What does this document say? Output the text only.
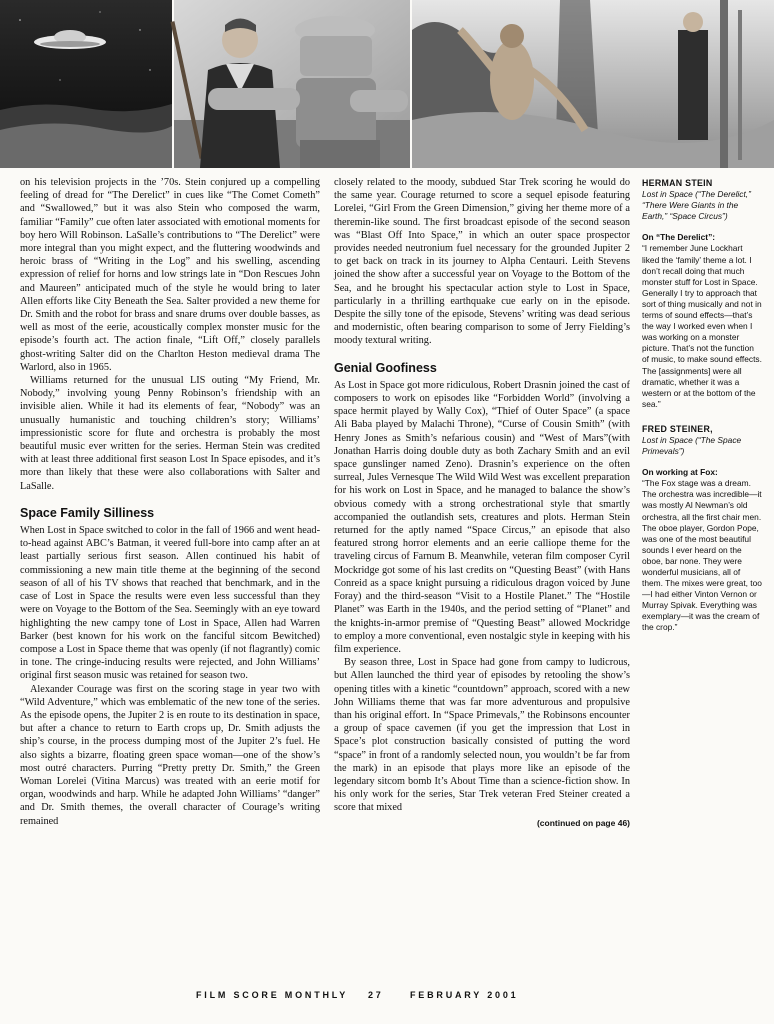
on his television projects in the ’70s. Stein conjured up a compelling feeling of dread for “The Derelict” in cues like “The Comet Cometh” and “Swallowed,” but it was also Stein who composed the warm, familiar “Family” cue often later associated with emotional moments for boy hero Will Robinson. LaSalle’s contributions to “The Derelict” were more integral than you might expect, and the fluttering woodwinds and heroic brass of “Writing in the Log” and his swelling, ascending expression of relief for horns and low strings late in “Don Rescues John and Maureen” anticipated much of the style he would bring to later Allen efforts like City Beneath the Sea. Salter provided a new theme for Dr. Smith and the robot for brass and snare drums over double basses, as well as most of the eerie, acoustically complex monster music for the episode’s fourth act. The action finale, “Lift Off,” closely parallels ghost-writing Salter did on the Charlton Heston medieval drama The Warlord, also in 1965.

Williams returned for the unusual LIS outing “My Friend, Mr. Nobody,” involving young Penny Robinson’s friendship with an invisible alien. While it had its elements of fear, “Nobody” was an unusually humanistic and touching children’s story; Williams’ impressionistic score for flute and orchestra is probably the most beautiful music ever written for the series. Herman Stein was credited with at least three additional first season Lost In Space episodes, and it’s more than likely that these were also collaborations with Salter and LaSalle.

Space Family Silliness

When Lost in Space switched to color in the fall of 1966 and went head-to-head against ABC’s Batman, it veered full-bore into camp after an at least partially serious first season. Allen continued his habit of commissioning a new main title theme at the beginning of the second season of all of his TV shows that reached that benchmark, and in the case of Lost in Space the results were even less successful than they were on Voyage to the Bottom of the Sea. Seemingly with an eye toward highlighting the new campy tone of Lost in Space, Allen had Warren Barker (best known for his work on the fanciful sitcom Bewitched) compose a Lost in Space theme that was openly (if not flagrantly) comic in tone. The cringe-inducing results were rejected, and John Williams’ original first season music was retained for season two.

Alexander Courage was first on the scoring stage in year two with “Wild Adventure,” which was emblematic of the new tone of the series. As the episode opens, the Jupiter 2 is en route to its destination in space, but after a chance to return to Earth crops up, Dr. Smith adjusts the ship’s course, in the process dumping most of the Jupiter 2’s fuel. He also sights a bizarre, floating green space woman—one of the show’s most outré characters. Purring “Pretty pretty Dr. Smith,” the Green Woman Lorelei (Vitina Marcus) was treated with an eerie motif for organ, woodwinds and harp. While he adapted John Williams’ “danger” and Dr. Smith themes, the overall character of Courage’s writing remained

closely related to the moody, subdued Star Trek scoring he would do the same year. Courage returned to score a sequel episode featuring Lorelei, “Girl From the Green Dimension,” giving her theme more of a theremin-like sound. The first broadcast episode of the second season was “Blast Off Into Space,” in which an outer space prospector provides needed neutronium fuel necessary for the grounded Jupiter 2 to get back on track in its journey to Alpha Centauri. Leith Stevens joined the show after a successful year on Voyage to the Bottom of the Sea, and he brought his spectacular action style to Lost in Space, particularly in a thrilling earthquake cue early on in the episode. Despite the silly tone of the episode, Stevens’ writing was dead serious and modernistic, often bearing comparison to some of Jerry Fielding’s moody textural writing.

Genial Goofiness

As Lost in Space got more ridiculous, Robert Drasnin joined the cast of composers to work on episodes like “Forbidden World” (involving a space hermit played by Wally Cox), “Thief of Outer Space” (a space Ali Baba played by Malachi Throne), “Curse of Cousin Smith” (with Henry Jones as Smith’s nefarious cousin) and “West of Mars”(with Jonathan Harris doing double duty as both Zachary Smith and an evil space gunslinger named Zeno). Drasnin’s experience on the often surreal, Jules Vernesque The Wild Wild West was excellent preparation for his work on Lost in Space, and he managed to balance the show’s obvious comedy with a strong orchestrational style that smartly accompanied the outlandish sets, creatures and plots. Herman Stein returned for the aptly named “Space Circus,” an episode that also featured strong horror elements and an eerie calliope theme for the traveling circus of Farnum B. Meanwhile, veteran film composer Cyril Mockridge got some of his last credits on “Questing Beast” (with Hans Conreid as a space knight pursuing a ridiculous dragon voiced by June Foray) and the third-season “Visit to a Hostile Planet.” The “Hostile Planet” was Earth in the 1940s, and the period setting of “Planet” and the knights-in-armor premise of “Questing Beast” allowed Mockridge to employ a more conventional, even nostalgic style in keeping with his film experience.

By season three, Lost in Space had gone from campy to ludicrous, but Allen launched the third year of episodes by retooling the show’s opening titles with a kinetic “countdown” approach, scored with a new John Williams theme that was far more adventurous and propulsive than his original effort. In “Space Primevals,” the Robinsons encounter a group of space cavemen (if you get the impression that Lost in Space’s plot construction basically consisted of putting the word “space” in front of a randomly selected noun, you wouldn’t be far from the mark) in an episode that plays more like an episode of the legendary sitcom bomb It’s About Time than a science-fiction show. In his only work for the series, Star Trek veteran Fred Steiner created a score that mixed

(continued on page 46)
HERMAN STEIN
Lost in Space (“The Derelict,” “There Were Giants in the Earth,” “Space Circus”)
On “The Derelict”:
“I remember June Lockhart liked the ‘family’ theme a lot. I don’t recall doing that much monster stuff for Lost in Space. Generally I try to approach that sort of thing musically and not in terms of sound effects—that’s the way I worked even when I was working on a monster picture. That’s not the function of music, to make sound effects. The [assignments] were all dramatic, whether it was a western or at the bottom of the sea.”
FRED STEINER,
Lost in Space (“The Space Primevals”)
On working at Fox:
“The Fox stage was a dream. The orchestra was incredible—it was mostly Al Newman’s old orchestra, all the first chair men. The oboe player, Gordon Pope, was one of the most beautiful sounds I ever heard on the oboe, bar none. They were wonderful musicians, all of them. The mixes were great, too—I had either Vinton Vernon or Murray Spivak. Everything was exemplary—it was the cream of the crop.”
FILM SCORE MONTHLY 27	FEBRUARY 2001
